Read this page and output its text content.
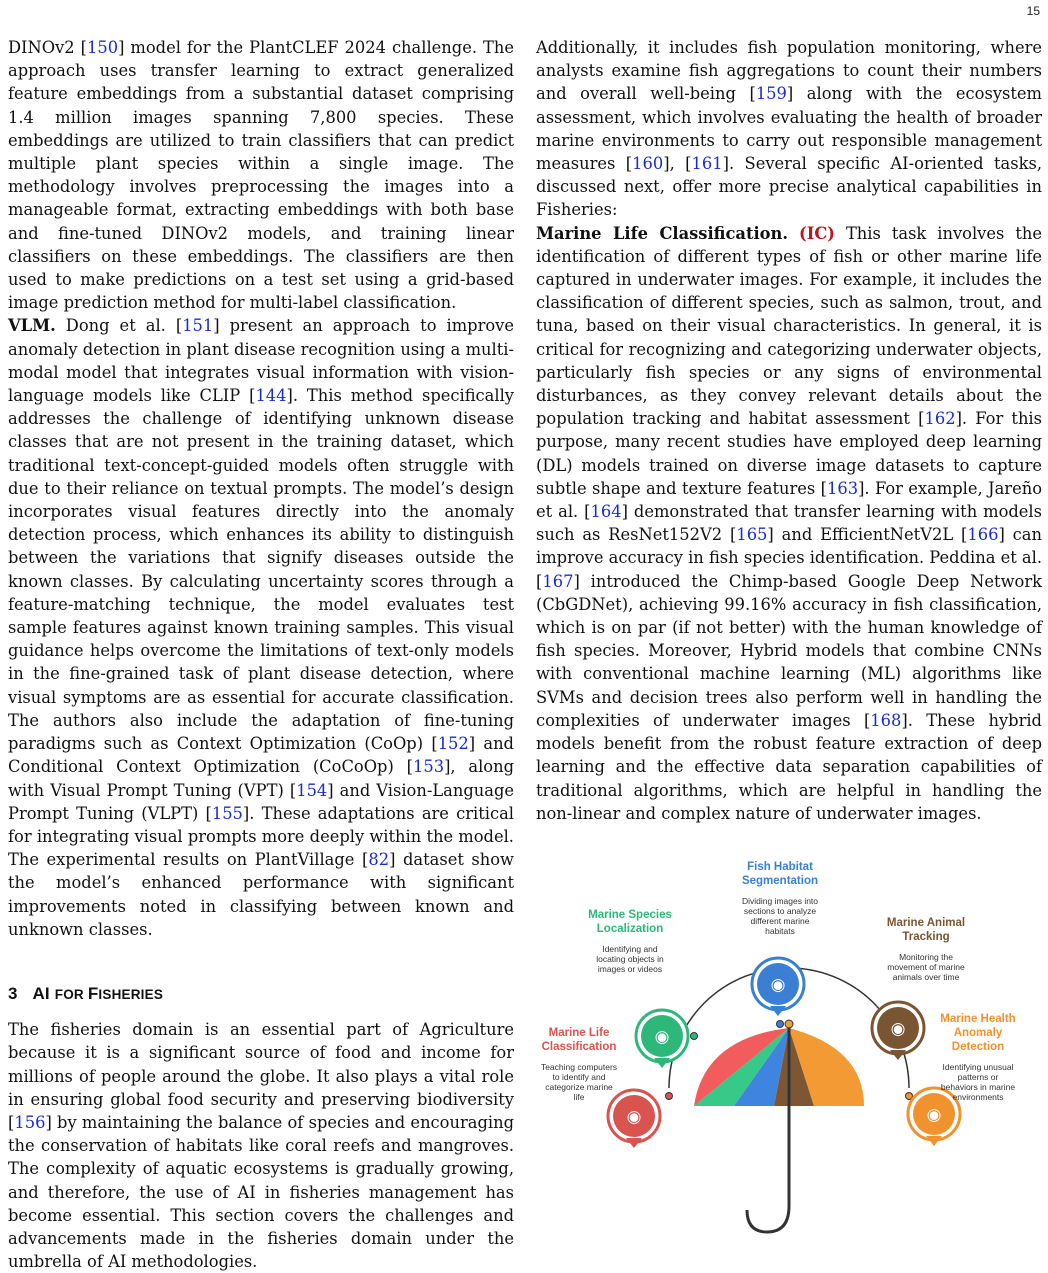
15

DINOv2 [150] model for the PlantCLEF 2024 challenge. The approach uses transfer learning to extract generalized feature embeddings from a substantial dataset comprising 1.4 million images spanning 7,800 species. These embeddings are utilized to train classifiers that can predict multiple plant species within a single image. The methodology involves preprocessing the images into a manageable format, extracting embeddings with both base and fine-tuned DINOv2 models, and training linear classifiers on these embeddings. The classifiers are then used to make predictions on a test set using a grid-based image prediction method for multi-label classification.

VLM. Dong et al. [151] present an approach to improve anomaly detection in plant disease recognition using a multimodal model that integrates visual information with visionlanguage models like CLIP [144]. This method specifically addresses the challenge of identifying unknown disease classes that are not present in the training dataset, which traditional text-concept-guided models often struggle with due to their reliance on textual prompts. The model’s design incorporates visual features directly into the anomaly detection process, which enhances its ability to distinguish between the variations that signify diseases outside the known classes. By calculating uncertainty scores through a feature-matching technique, the model evaluates test sample features against known training samples. This visual guidance helps overcome the limitations of text-only models in the fine-grained task of plant disease detection, where visual symptoms are as essential for accurate classification. The authors also include the adaptation of fine-tuning paradigms such as Context Optimization (CoOp) [152] and Conditional Context Optimization (CoCoOp) [153], along with Visual Prompt Tuning (VPT) [154] and Vision-Language Prompt Tuning (VLPT) [155]. These adaptations are critical for integrating visual prompts more deeply within the model. The experimental results on PlantVillage [82] dataset show the model’s enhanced performance with significant improvements noted in classifying between known and unknown classes.

3 AI FOR FISHERIES

The fisheries domain is an essential part of Agriculture because it is a significant source of food and income for millions of people around the globe. It also plays a vital role in ensuring global food security and preserving biodiversity [156] by maintaining the balance of species and encouraging the conservation of habitats like coral reefs and mangroves. The complexity of aquatic ecosystems is gradually growing, and therefore, the use of AI in fisheries management has become essential. This section covers the challenges and advancements made in the fisheries domain under the umbrella of AI methodologies.

Additionally, it includes fish population monitoring, where analysts examine fish aggregations to count their numbers and overall well-being [159] along with the ecosystem assessment, which involves evaluating the health of broader marine environments to carry out responsible management measures [160], [161]. Several specific AI-oriented tasks, discussed next, offer more precise analytical capabilities in Fisheries:

Marine Life Classification. (IC) This task involves the identification of different types of fish or other marine life captured in underwater images. For example, it includes the classification of different species, such as salmon, trout, and tuna, based on their visual characteristics. In general, it is critical for recognizing and categorizing underwater objects, particularly fish species or any signs of environmental disturbances, as they convey relevant details about the population tracking and habitat assessment [162]. For this purpose, many recent studies have employed deep learning (DL) models trained on diverse image datasets to capture subtle shape and texture features [163]. For example, Jareño et al. [164] demonstrated that transfer learning with models such as ResNet152V2 [165] and EfficientNetV2L [166] can improve accuracy in fish species identification. Peddina et al. [167] introduced the Chimp-based Google Deep Network (CbGDNet), achieving 99.16% accuracy in fish classification, which is on par (if not better) with the human knowledge of fish species. Moreover, Hybrid models that combine CNNs with conventional machine learning (ML) algorithms like SVMs and decision trees also perform well in handling the complexities of underwater images [168]. These hybrid models benefit from the robust feature extraction of deep learning and the effective data separation capabilities of traditional algorithms, which are helpful in handling the non-linear and complex nature of underwater images.

◉
Marine Life
Classification
Teaching computers
to identify and
categorize marine
life
◉
Marine Species
Localization
Identifying and
locating objects in
images or videos
◉
Fish Habitat
Segmentation
Dividing images into
sections to analyze
different marine
habitats
◉
Marine Animal
Tracking
Monitoring the
movement of marine
animals over time
◉
Marine Health
Anomaly
Detection
Identifying unusual
patterns or
behaviors in marine
environments
